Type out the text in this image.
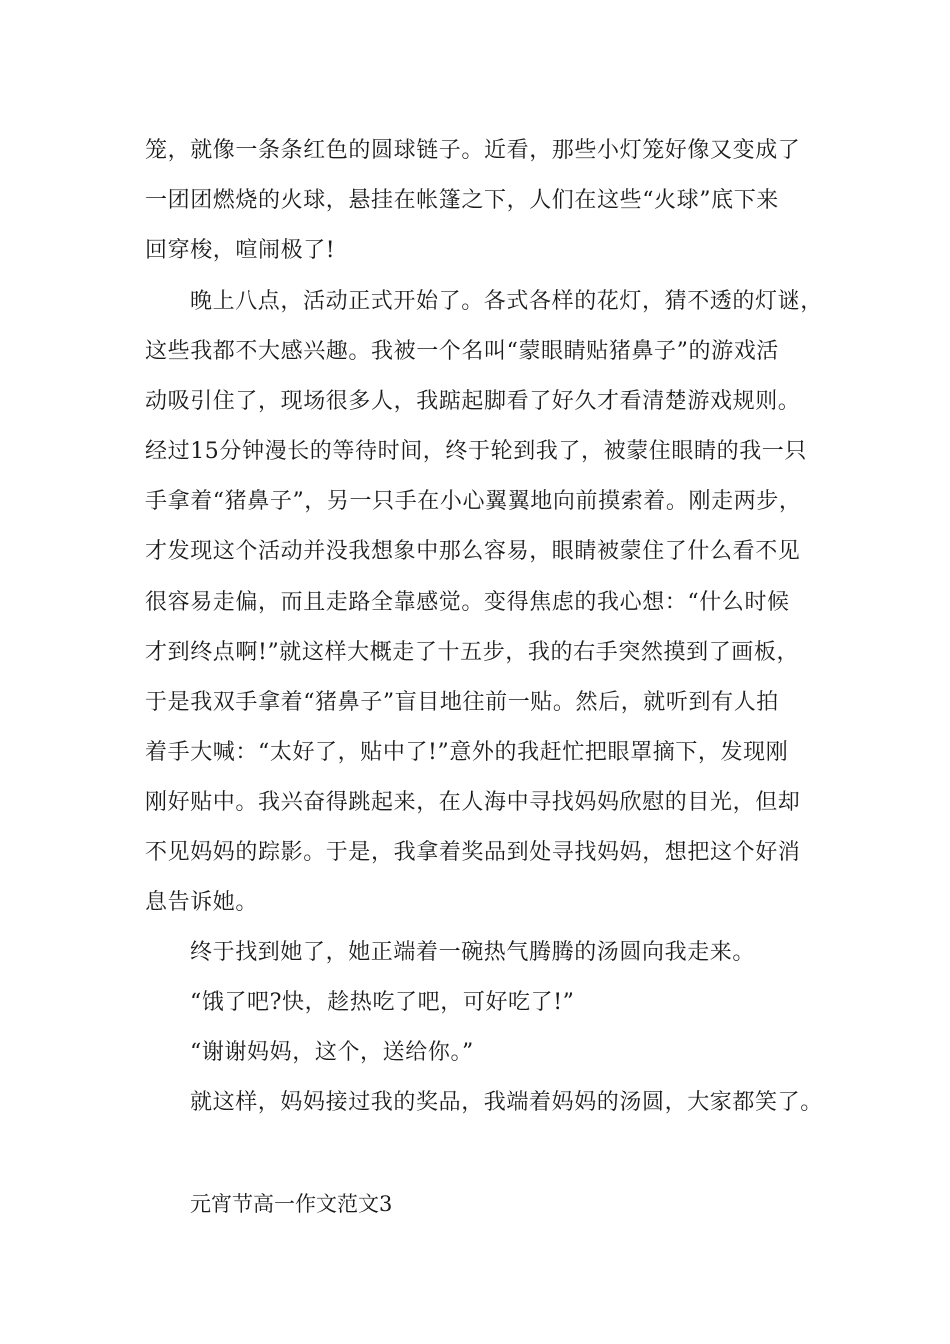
笼，就像一条条红色的圆球链子。近看，那些小灯笼好像又变成了
一团团燃烧的火球，悬挂在帐篷之下，人们在这些“火球”底下来
回穿梭，喧闹极了!
晚上八点，活动正式开始了。各式各样的花灯，猜不透的灯谜，
这些我都不大感兴趣。我被一个名叫“蒙眼睛贴猪鼻子”的游戏活
动吸引住了，现场很多人，我踮起脚看了好久才看清楚游戏规则。
经过15分钟漫长的等待时间，终于轮到我了，被蒙住眼睛的我一只
手拿着“猪鼻子”，另一只手在小心翼翼地向前摸索着。刚走两步，
才发现这个活动并没我想象中那么容易，眼睛被蒙住了什么看不见
很容易走偏，而且走路全靠感觉。变得焦虑的我心想：“什么时候
才到终点啊!”就这样大概走了十五步，我的右手突然摸到了画板，
于是我双手拿着“猪鼻子”盲目地往前一贴。然后，就听到有人拍
着手大喊：“太好了，贴中了!”意外的我赶忙把眼罩摘下，发现刚
刚好贴中。我兴奋得跳起来，在人海中寻找妈妈欣慰的目光，但却
不见妈妈的踪影。于是，我拿着奖品到处寻找妈妈，想把这个好消
息告诉她。
终于找到她了，她正端着一碗热气腾腾的汤圆向我走来。
“饿了吧?快，趁热吃了吧，可好吃了!”
“谢谢妈妈，这个，送给你。”
就这样，妈妈接过我的奖品，我端着妈妈的汤圆，大家都笑了。
元宵节高一作文范文3
